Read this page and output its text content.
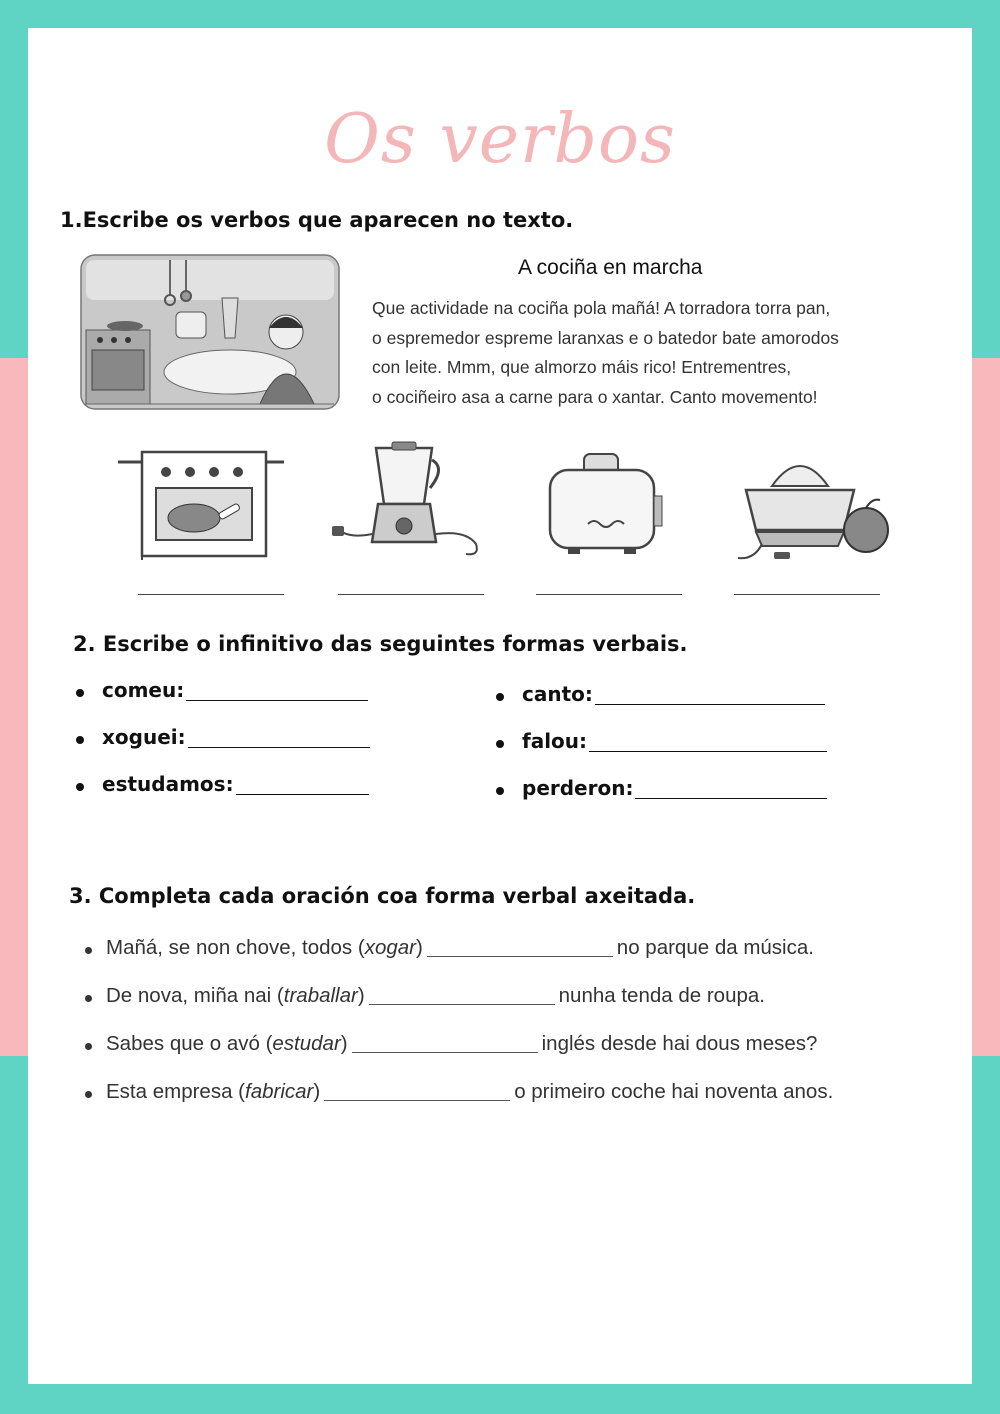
Os verbos

1.Escribe os verbos que aparecen no texto.

A cociña en marcha
Que actividade na cociña pola mañá! A torradora torra pan,
o espremedor espreme laranxas e o batedor bate amorodos
con leite. Mmm, que almorzo máis rico! Entrementres,
o cociñeiro asa a carne para o xantar. Canto movemento!

2. Escribe o infinitivo das seguintes formas verbais.

comeu:
xoguei:
estudamos:
canto:
falou:
perderon:

3. Completa cada oración coa forma verbal axeitada.

Mañá, se non chove, todos (xogar)	no parque da música.
De nova, miña nai (traballar)	nunha tenda de roupa.
Sabes que o avó (estudar)	inglés desde hai dous meses?
Esta empresa (fabricar)	o primeiro coche hai noventa anos.
